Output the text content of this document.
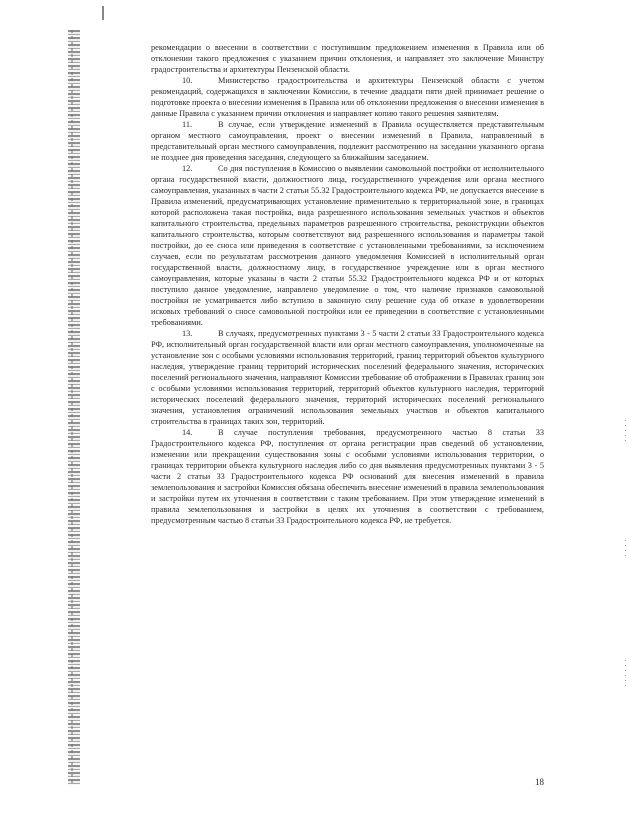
рекомендации о внесении в соответствии с поступившим предложением изменения в Правила или об отклонении такого предложения с указанием причин отклонения, и направляет это заключение Министру градостроительства и архитектуры Пензенской области.

10.	Министерство градостроительства и архитектуры Пензенской области с учетом рекомендаций, содержащихся в заключении Комиссии, в течение двадцати пяти дней принимает решение о подготовке проекта о внесении изменения в Правила или об отклонении предложения о внесении изменения в данные Правила с указанием причин отклонения и направляет копию такого решения заявителям.

11.	В случае, если утверждение изменений в Правила осуществляется представительным органом местного самоуправления, проект о внесении изменений в Правила, направленный в представительный орган местного самоуправления, подлежит рассмотрению на заседании указанного органа не позднее дня проведения заседания, следующего за ближайшим заседанием.

12.	Со дня поступления в Комиссию о выявлении самовольной постройки от исполнительного органа государственной власти, должностного лица, государственного учреждения или органа местного самоуправления, указанных в части 2 статьи 55.32 Градостроительного кодекса РФ, не допускается внесение в Правила изменений, предусматривающих установление применительно к территориальной зоне, в границах которой расположена такая постройка, вида разрешенного использования земельных участков и объектов капитального строительства, предельных параметров разрешенного строительства, реконструкции объектов капитального строительства, которым соответствуют вид разрешенного использования и параметры такой постройки, до ее сноса или приведения в соответствие с установленными требованиями, за исключением случаев, если по результатам рассмотрения данного уведомления Комиссией в исполнительный орган государственной власти, должностному лицу, в государственное учреждение или в орган местного самоуправления, которые указаны в части 2 статьи 55.32 Градостроительного кодекса РФ и от которых поступило данное уведомление, направлено уведомление о том, что наличие признаков самовольной постройки не усматривается либо вступило в законную силу решение суда об отказе в удовлетворении исковых требований о сносе самовольной постройки или ее приведении в соответствие с установленными требованиями.

13.	В случаях, предусмотренных пунктами 3 - 5 части 2 статьи 33 Градостроительного кодекса РФ, исполнительный орган государственной власти или орган местного самоуправления, уполномоченные на установление зон с особыми условиями использования территорий, границ территорий объектов культурного наследия, утверждение границ территорий исторических поселений федерального значения, исторических поселений регионального значения, направляют Комиссии требование об отображении в Правилах границ зон с особыми условиями использования территорий, территорий объектов культурного наследия, территорий исторических поселений федерального значения, территорий исторических поселений регионального значения, установления ограничений использования земельных участков и объектов капитального строительства в границах таких зон, территорий.

14.	В случае поступления требования, предусмотренного частью 8 статьи 33 Градостроительного кодекса РФ, поступления от органа регистрации прав сведений об установлении, изменении или прекращении существования зоны с особыми условиями использования территории, о границах территории объекта культурного наследия либо со дня выявления предусмотренных пунктами 3 - 5 части 2 статьи 33 Градостроительного кодекса РФ оснований для внесения изменений в правила землепользования и застройки Комиссия обязана обеспечить внесение изменений в правила землепользования и застройки путем их уточнения в соответствии с таким требованием. При этом утверждение изменений в правила землепользования и застройки в целях их уточнения в соответствии с требованием, предусмотренным частью 8 статьи 33 Градостроительного кодекса РФ, не требуется.

18
